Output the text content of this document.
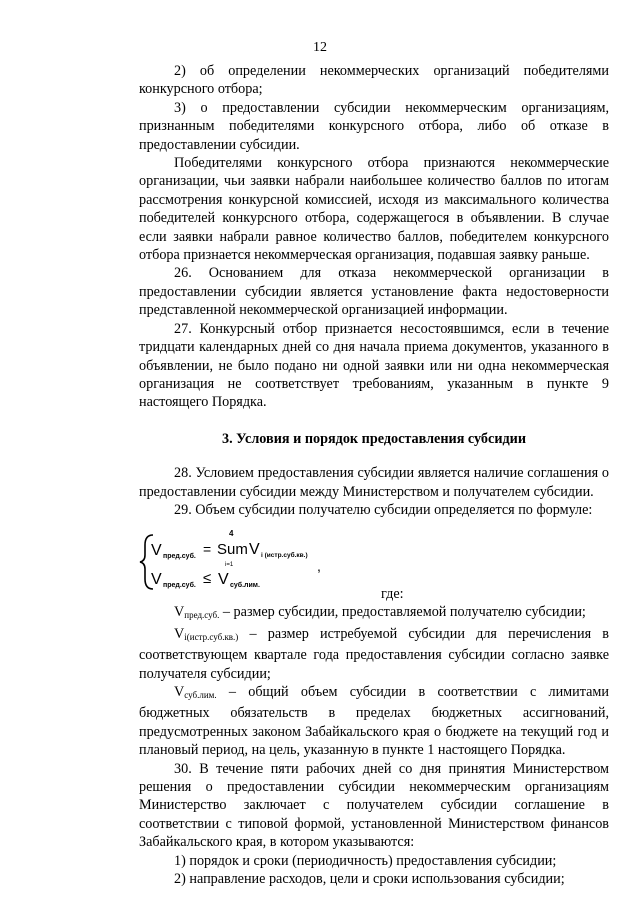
12

2) об определении некоммерческих организаций победителями конкурсного отбора;

3) о предоставлении субсидии некоммерческим организациям, признанным победителями конкурсного отбора, либо об отказе в предоставлении субсидии.

Победителями конкурсного отбора признаются некоммерческие организации, чьи заявки набрали наибольшее количество баллов по итогам рассмотрения конкурсной комиссией, исходя из максимального количества победителей конкурсного отбора, содержащегося в объявлении. В случае если заявки набрали равное количество баллов, победителем конкурсного отбора признается некоммерческая организация, подавшая заявку раньше.

26. Основанием для отказа некоммерческой организации в предоставлении субсидии является установление факта недостоверности представленной некоммерческой организацией информации.

27. Конкурсный отбор признается несостоявшимся, если в течение тридцати календарных дней со дня начала приема документов, указанного в объявлении, не было подано ни одной заявки или ни одна некоммерческая организация не соответствует требованиям, указанным в пункте 9 настоящего Порядка.

3. Условия и порядок предоставления субсидии

28. Условием предоставления субсидии является наличие соглашения о предоставлении субсидии между Министерством и получателем субсидии.

29. Объем субсидии получателю субсидии определяется по формуле:

V пред.суб. = Sum
4
i=1
V i (истр.суб.кв.)
V пред.суб. ≤ V суб.лим.
,
где:

$V_{пред.суб.}$ – размер субсидии, предоставляемой получателю субсидии;

$V_{i(истр.суб.кв.)}$ – размер истребуемой субсидии для перечисления в соответствующем квартале года предоставления субсидии согласно заявке получателя субсидии;

$V_{суб.лим.}$ – общий объем субсидии в соответствии с лимитами бюджетных обязательств в пределах бюджетных ассигнований, предусмотренных законом Забайкальского края о бюджете на текущий год и плановый период, на цель, указанную в пункте 1 настоящего Порядка.

30. В течение пяти рабочих дней со дня принятия Министерством решения о предоставлении субсидии некоммерческим организациям Министерство заключает с получателем субсидии соглашение в соответствии с типовой формой, установленной Министерством финансов Забайкальского края, в котором указываются:

1) порядок и сроки (периодичность) предоставления субсидии;

2) направление расходов, цели и сроки использования субсидии;
